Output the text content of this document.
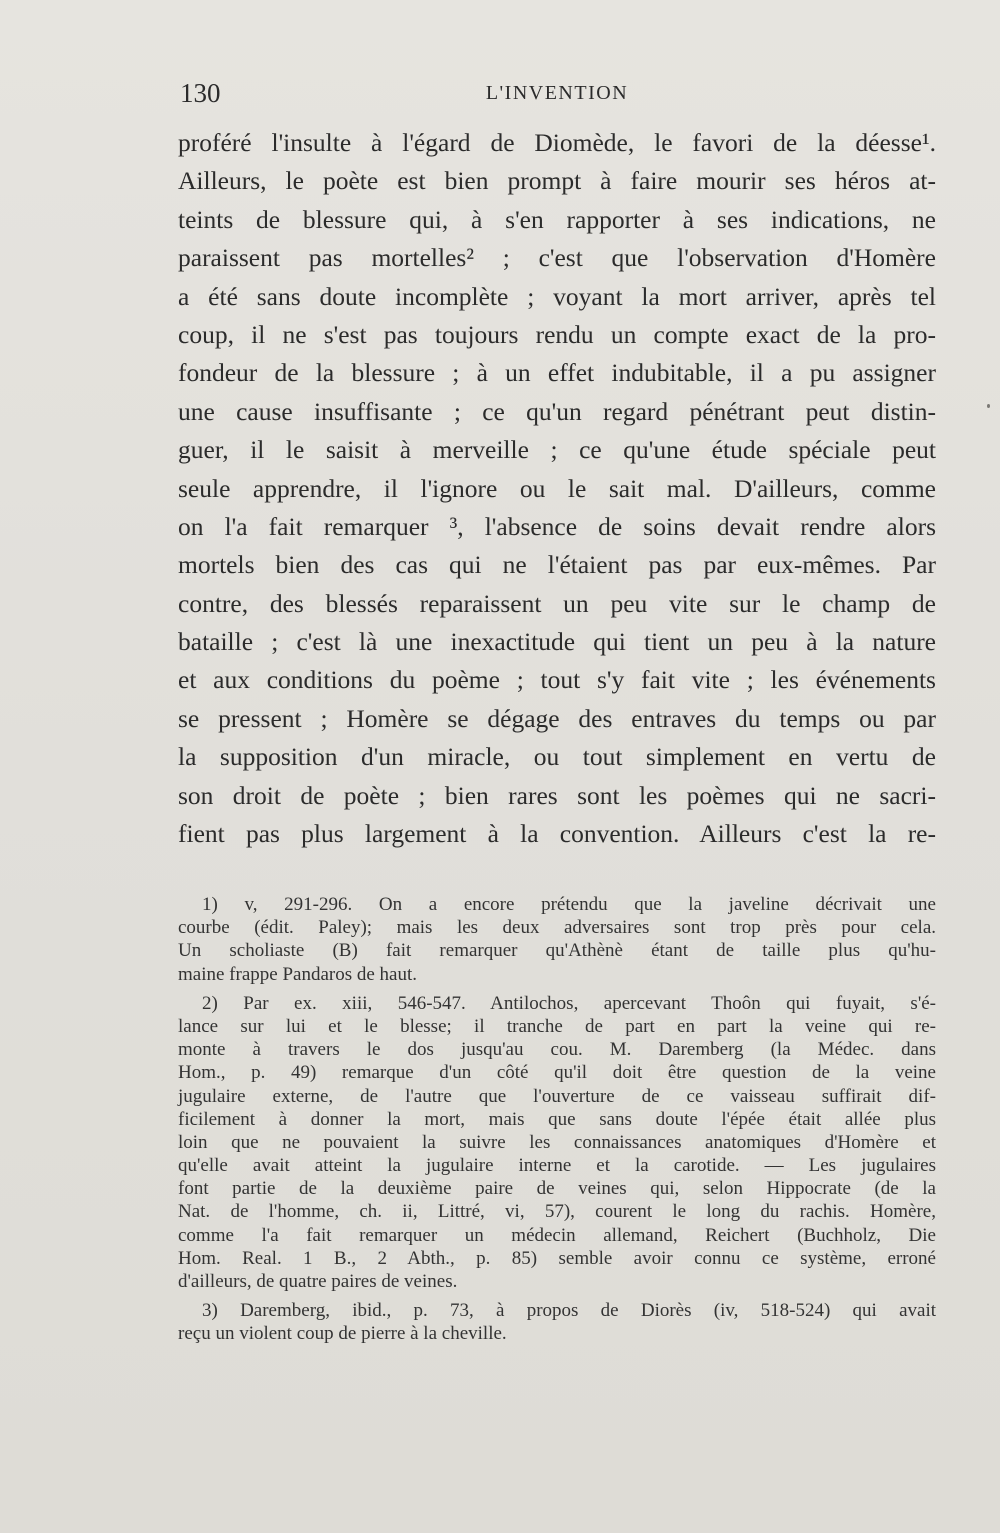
130	L'INVENTION
proféré l'insulte à l'égard de Diomède, le favori de la déesse¹.
Ailleurs, le poète est bien prompt à faire mourir ses héros at-
teints de blessure qui, à s'en rapporter à ses indications, ne
paraissent pas mortelles² ; c'est que l'observation d'Homère
a été sans doute incomplète ; voyant la mort arriver, après tel
coup, il ne s'est pas toujours rendu un compte exact de la pro-
fondeur de la blessure ; à un effet indubitable, il a pu assigner
une cause insuffisante ; ce qu'un regard pénétrant peut distin-
guer, il le saisit à merveille ; ce qu'une étude spéciale peut
seule apprendre, il l'ignore ou le sait mal. D'ailleurs, comme
on l'a fait remarquer ³, l'absence de soins devait rendre alors
mortels bien des cas qui ne l'étaient pas par eux-mêmes. Par
contre, des blessés reparaissent un peu vite sur le champ de
bataille ; c'est là une inexactitude qui tient un peu à la nature
et aux conditions du poème ; tout s'y fait vite ; les événements
se pressent ; Homère se dégage des entraves du temps ou par
la supposition d'un miracle, ou tout simplement en vertu de
son droit de poète ; bien rares sont les poèmes qui ne sacri-
fient pas plus largement à la convention. Ailleurs c'est la re-
1) v, 291-296. On a encore prétendu que la javeline décrivait une
courbe (édit. Paley); mais les deux adversaires sont trop près pour cela.
Un scholiaste (B) fait remarquer qu'Athènè étant de taille plus qu'hu-
maine frappe Pandaros de haut.
2) Par ex. xiii, 546-547. Antilochos, apercevant Thoôn qui fuyait, s'é-
lance sur lui et le blesse; il tranche de part en part la veine qui re-
monte à travers le dos jusqu'au cou. M. Daremberg (la Médec. dans
Hom., p. 49) remarque d'un côté qu'il doit être question de la veine
jugulaire externe, de l'autre que l'ouverture de ce vaisseau suffirait dif-
ficilement à donner la mort, mais que sans doute l'épée était allée plus
loin que ne pouvaient la suivre les connaissances anatomiques d'Homère et
qu'elle avait atteint la jugulaire interne et la carotide. — Les jugulaires
font partie de la deuxième paire de veines qui, selon Hippocrate (de la
Nat. de l'homme, ch. ii, Littré, vi, 57), courent le long du rachis. Homère,
comme l'a fait remarquer un médecin allemand, Reichert (Buchholz, Die
Hom. Real. 1 B., 2 Abth., p. 85) semble avoir connu ce système, erroné
d'ailleurs, de quatre paires de veines.
3) Daremberg, ibid., p. 73, à propos de Diorès (iv, 518-524) qui avait
reçu un violent coup de pierre à la cheville.
